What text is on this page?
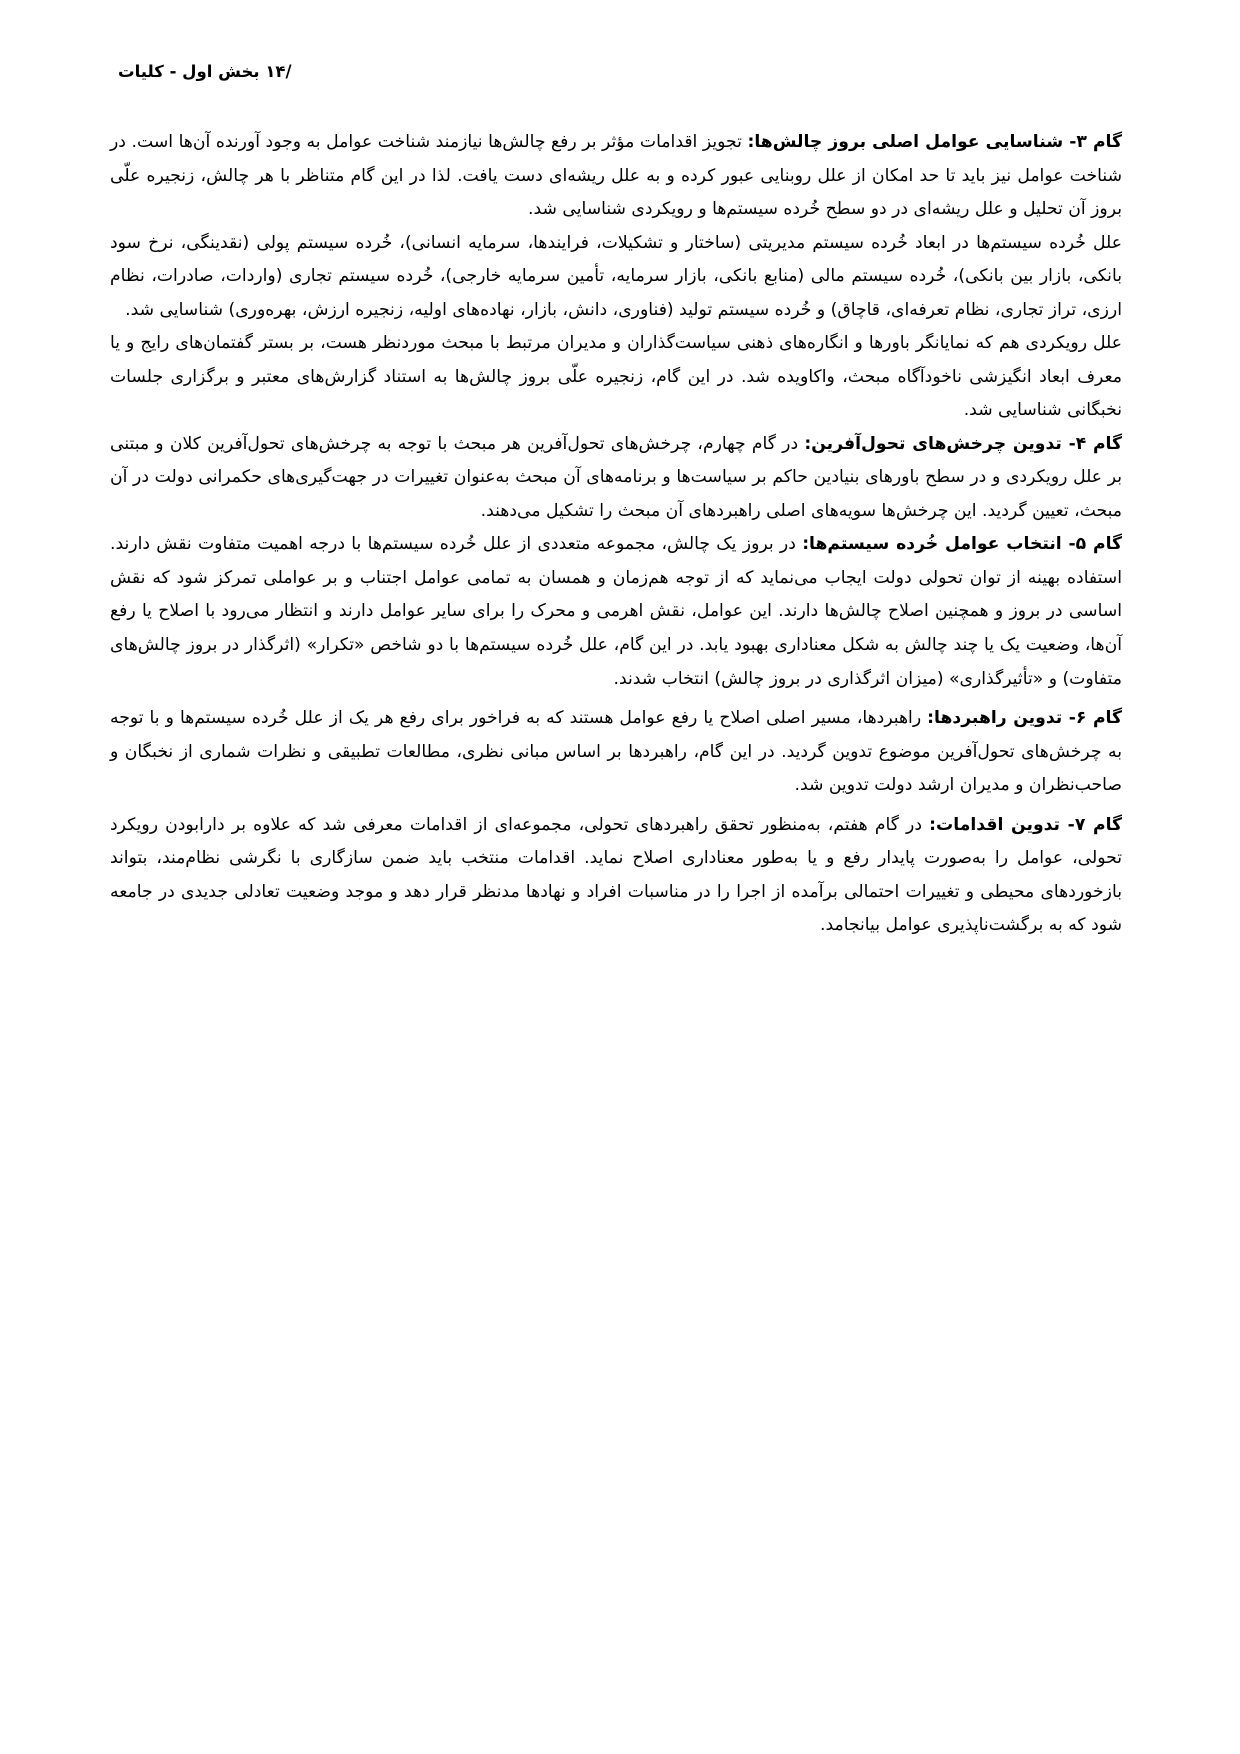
/۱۴ بخش اول - کلیات

گام ۳- شناسایی عوامل اصلی بروز چالش‌ها: تجویز اقدامات مؤثر بر رفع چالش‌ها نیازمند شناخت عوامل به وجود آورنده آن‌ها است. در شناخت عوامل نیز باید تا حد امکان از علل روبنایی عبور کرده و به علل ریشه‌ای دست یافت. لذا در این گام متناظر با هر چالش، زنجیره علّی بروز آن تحلیل و علل ریشه‌ای در دو سطح خُرده سیستم‌ها و رویکردی شناسایی شد.

علل خُرده سیستم‌ها در ابعاد خُرده سیستم مدیریتی (ساختار و تشکیلات، فرایندها، سرمایه انسانی)، خُرده سیستم پولی (نقدینگی، نرخ سود بانکی، بازار بین بانکی)، خُرده سیستم مالی (منابع بانکی، بازار سرمایه، تأمین سرمایه خارجی)، خُرده سیستم تجاری (واردات، صادرات، نظام ارزی، تراز تجاری، نظام تعرفه‌ای، قاچاق) و خُرده سیستم تولید (فناوری، دانش، بازار، نهاده‌های اولیه، زنجیره ارزش، بهره‌وری) شناسایی شد.

علل رویکردی هم که نمایانگر باورها و انگاره‌های ذهنی سیاست‌گذاران و مدیران مرتبط با مبحث موردنظر هست، بر بستر گفتمان‌های رایج و یا معرف ابعاد انگیزشی ناخودآگاه مبحث، واکاویده شد. در این گام، زنجیره علّی بروز چالش‌ها به استناد گزارش‌های معتبر و برگزاری جلسات نخبگانی شناسایی شد.

گام ۴- تدوین چرخش‌های تحول‌آفرین: در گام چهارم، چرخش‌های تحول‌آفرین هر مبحث با توجه به چرخش‌های تحول‌آفرین کلان و مبتنی بر علل رویکردی و در سطح باورهای بنیادین حاکم بر سیاست‌ها و برنامه‌های آن مبحث به‌عنوان تغییرات در جهت‌گیری‌های حکمرانی دولت در آن مبحث، تعیین گردید. این چرخش‌ها سویه‌های اصلی راهبردهای آن مبحث را تشکیل می‌دهند.

گام ۵- انتخاب عوامل خُرده سیستم‌ها: در بروز یک چالش، مجموعه متعددی از علل خُرده سیستم‌ها با درجه اهمیت متفاوت نقش دارند. استفاده بهینه از توان تحولی دولت ایجاب می‌نماید که از توجه هم‌زمان و همسان به تمامی عوامل اجتناب و بر عواملی تمرکز شود که نقش اساسی در بروز و همچنین اصلاح چالش‌ها دارند. این عوامل، نقش اهرمی و محرک را برای سایر عوامل دارند و انتظار می‌رود با اصلاح یا رفع آن‌ها، وضعیت یک یا چند چالش به شکل معناداری بهبود یابد. در این گام، علل خُرده سیستم‌ها با دو شاخص «تکرار» (اثرگذار در بروز چالش‌های متفاوت) و «تأثیرگذاری» (میزان اثرگذاری در بروز چالش) انتخاب شدند.

گام ۶- تدوین راهبردها: راهبردها، مسیر اصلی اصلاح یا رفع عوامل هستند که به فراخور برای رفع هر یک از علل خُرده سیستم‌ها و با توجه به چرخش‌های تحول‌آفرین موضوع تدوین گردید. در این گام، راهبردها بر اساس مبانی نظری، مطالعات تطبیقی و نظرات شماری از نخبگان و صاحب‌نظران و مدیران ارشد دولت تدوین شد.

گام ۷- تدوین اقدامات: در گام هفتم، به‌منظور تحقق راهبردهای تحولی، مجموعه‌ای از اقدامات معرفی شد که علاوه بر دارابودن رویکرد تحولی، عوامل را به‌صورت پایدار رفع و یا به‌طور معناداری اصلاح نماید. اقدامات منتخب باید ضمن سازگاری با نگرشی نظام‌مند، بتواند بازخوردهای محیطی و تغییرات احتمالی برآمده از اجرا را در مناسبات افراد و نهادها مدنظر قرار دهد و موجد وضعیت تعادلی جدیدی در جامعه شود که به برگشت‌ناپذیری عوامل بیانجامد.
